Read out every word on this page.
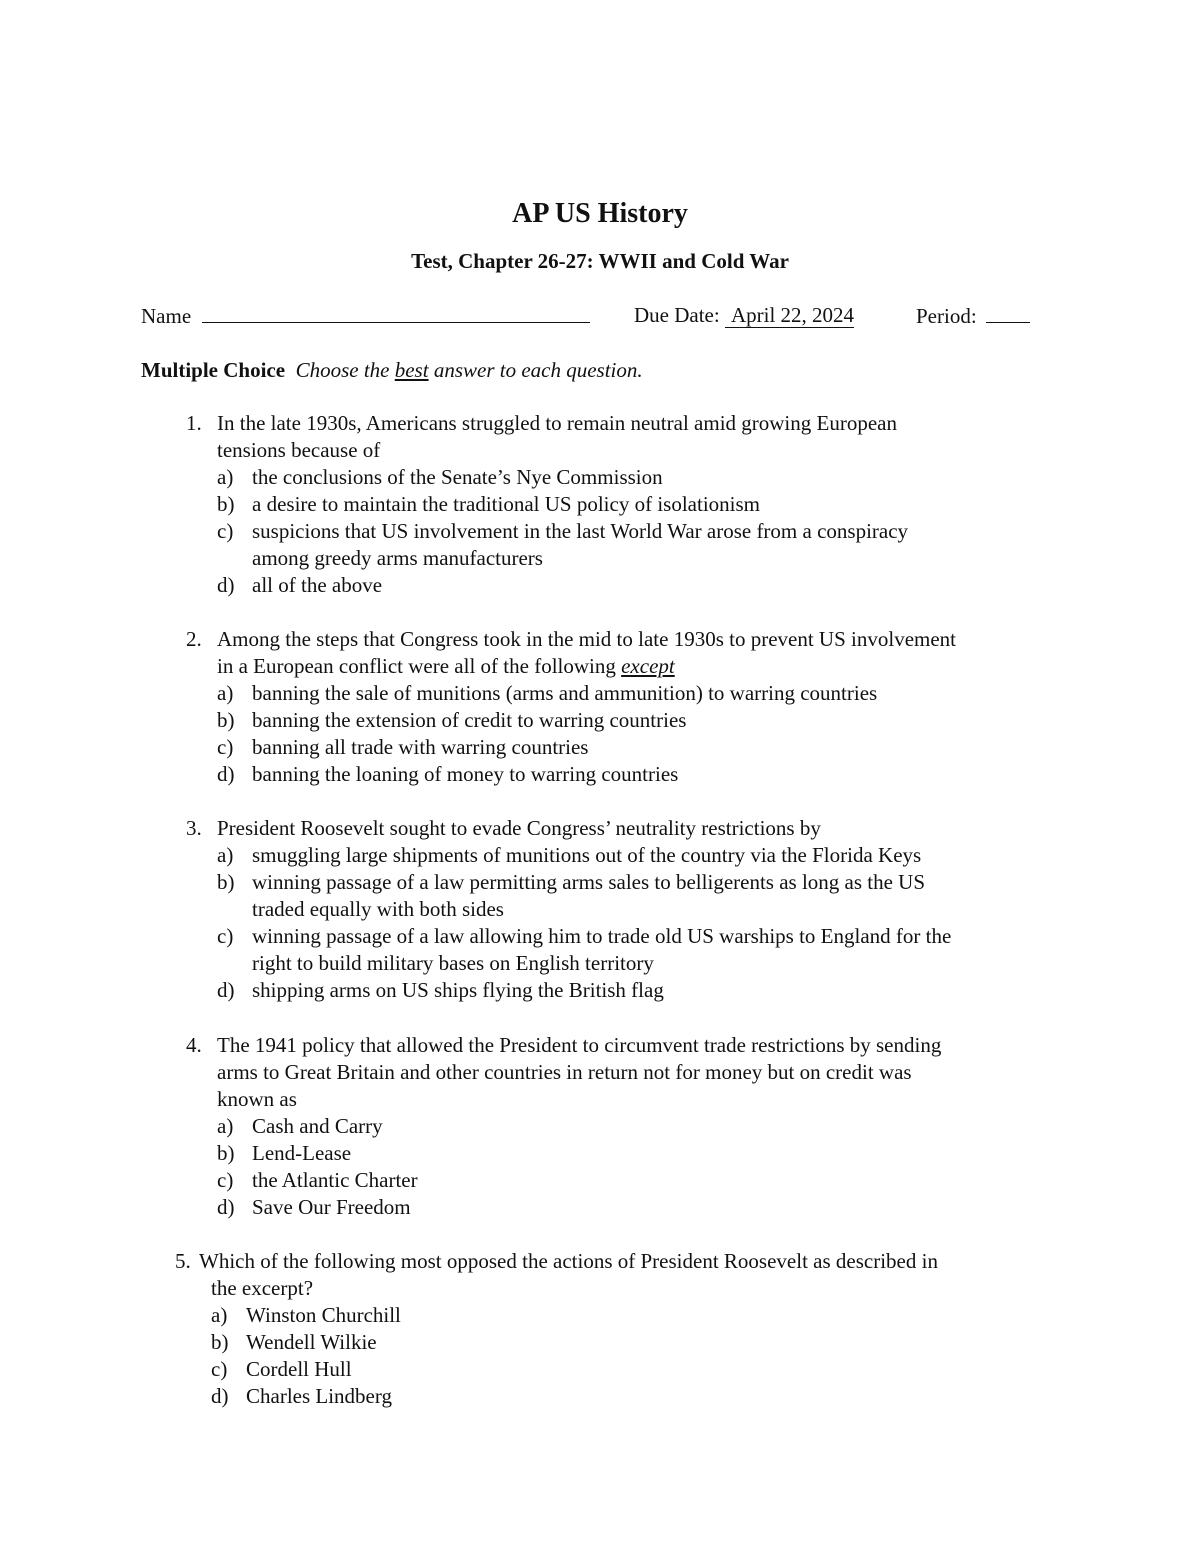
AP US History
Test, Chapter 26-27: WWII and Cold War
Name	Due Date: April 22, 2024	Period:
Multiple Choice Choose the best answer to each question.
1. In the late 1930s, Americans struggled to remain neutral amid growing European
tensions because of
a) the conclusions of the Senate’s Nye Commission
b) a desire to maintain the traditional US policy of isolationism
c) suspicions that US involvement in the last World War arose from a conspiracy
among greedy arms manufacturers
d) all of the above
2. Among the steps that Congress took in the mid to late 1930s to prevent US involvement
in a European conflict were all of the following except
a) banning the sale of munitions (arms and ammunition) to warring countries
b) banning the extension of credit to warring countries
c) banning all trade with warring countries
d) banning the loaning of money to warring countries
3. President Roosevelt sought to evade Congress’ neutrality restrictions by
a) smuggling large shipments of munitions out of the country via the Florida Keys
b) winning passage of a law permitting arms sales to belligerents as long as the US
traded equally with both sides
c) winning passage of a law allowing him to trade old US warships to England for the
right to build military bases on English territory
d) shipping arms on US ships flying the British flag
4. The 1941 policy that allowed the President to circumvent trade restrictions by sending
arms to Great Britain and other countries in return not for money but on credit was
known as
a) Cash and Carry
b) Lend-Lease
c) the Atlantic Charter
d) Save Our Freedom
5. Which of the following most opposed the actions of President Roosevelt as described in
the excerpt?
a) Winston Churchill
b) Wendell Wilkie
c) Cordell Hull
d) Charles Lindberg
